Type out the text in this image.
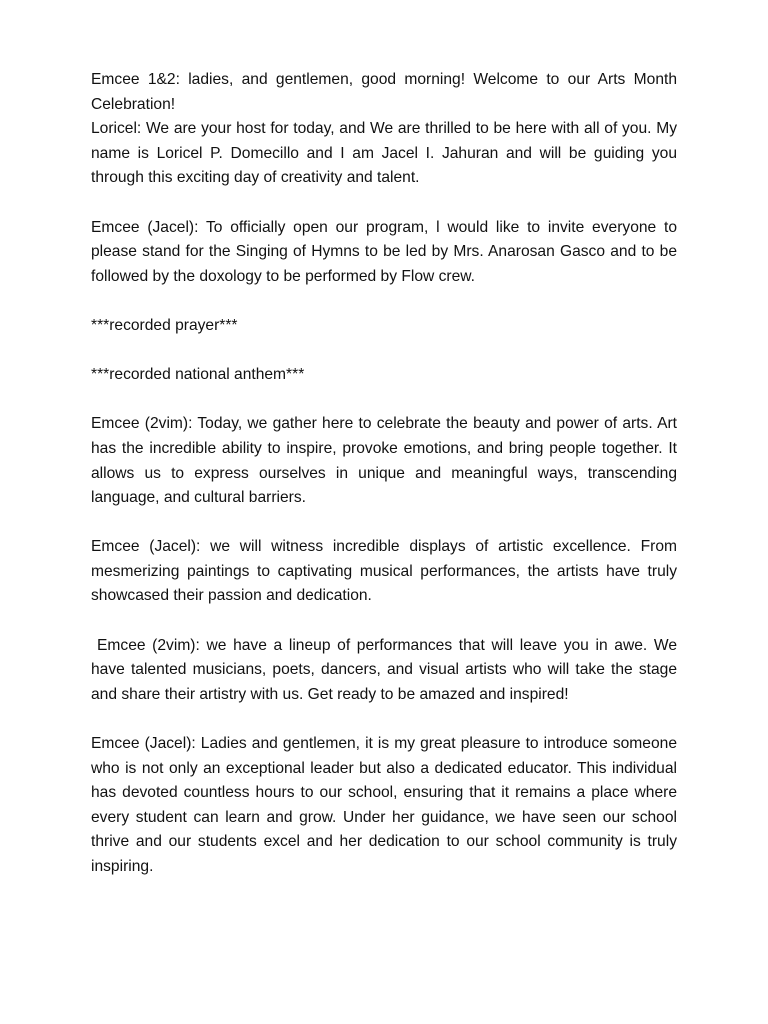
Emcee 1&2: ladies, and gentlemen, good morning! Welcome to our Arts Month Celebration!

Loricel: We are your host for today, and We are thrilled to be here with all of you. My name is Loricel P. Domecillo and I am Jacel I. Jahuran and will be guiding you through this exciting day of creativity and talent.

Emcee (Jacel): To officially open our program, l would like to invite everyone to please stand for the Singing of Hymns to be led by Mrs. Anarosan Gasco and to be followed by the doxology to be performed by Flow crew.

***recorded prayer***

***recorded national anthem***

Emcee (2vim): Today, we gather here to celebrate the beauty and power of arts. Art has the incredible ability to inspire, provoke emotions, and bring people together. It allows us to express ourselves in unique and meaningful ways, transcending language, and cultural barriers.

Emcee (Jacel): we will witness incredible displays of artistic excellence. From mesmerizing paintings to captivating musical performances, the artists have truly showcased their passion and dedication.

Emcee (2vim): we have a lineup of performances that will leave you in awe. We have talented musicians, poets, dancers, and visual artists who will take the stage and share their artistry with us. Get ready to be amazed and inspired!

Emcee (Jacel): Ladies and gentlemen, it is my great pleasure to introduce someone who is not only an exceptional leader but also a dedicated educator. This individual has devoted countless hours to our school, ensuring that it remains a place where every student can learn and grow. Under her guidance, we have seen our school thrive and our students excel and her dedication to our school community is truly inspiring.
